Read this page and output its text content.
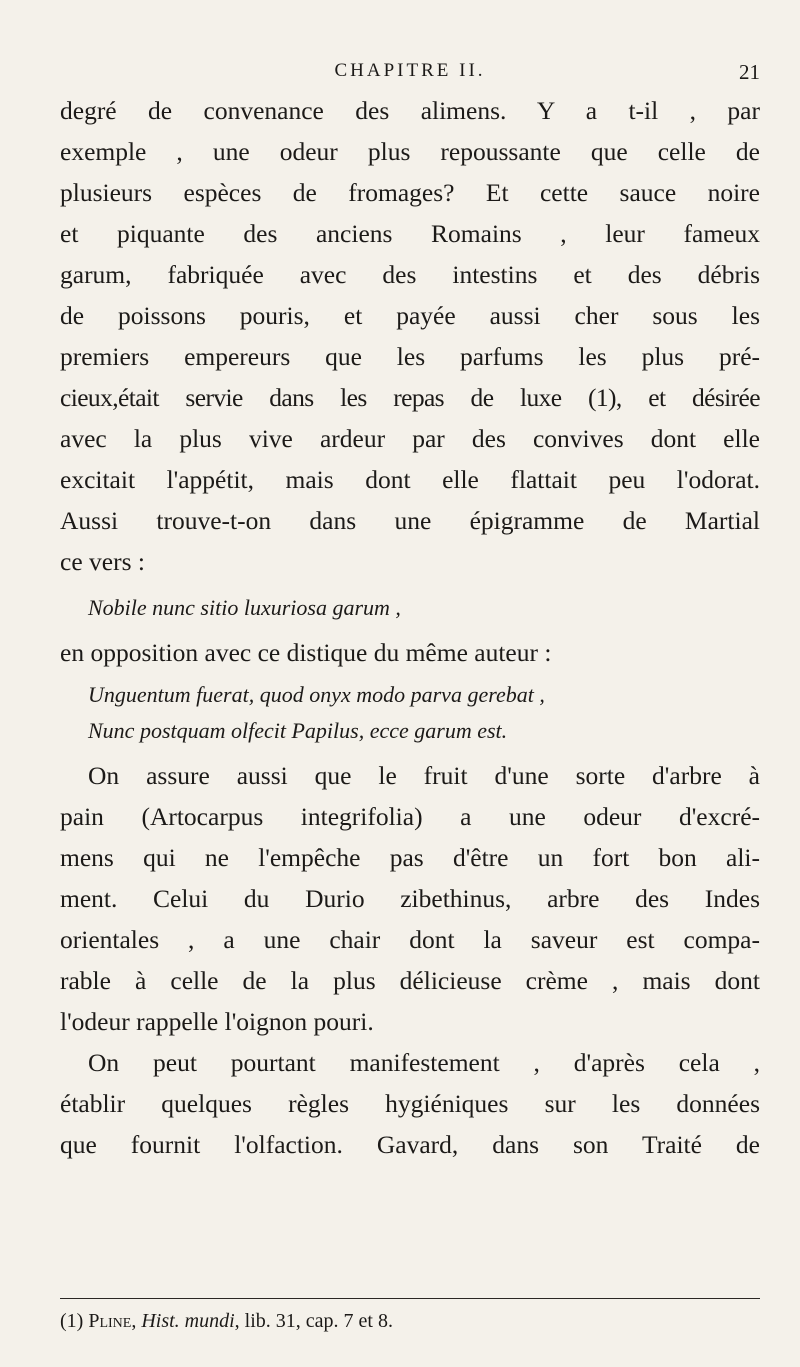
CHAPITRE II.	21
degré de convenance des alimens. Y a t-il , par
exemple , une odeur plus repoussante que celle de
plusieurs espèces de fromages? Et cette sauce noire
et piquante des anciens Romains , leur fameux
garum, fabriquée avec des intestins et des débris
de poissons pouris, et payée aussi cher sous les
premiers empereurs que les parfums les plus pré-
cieux,était servie dans les repas de luxe (1), et désirée
avec la plus vive ardeur par des convives dont elle
excitait l'appétit, mais dont elle flattait peu l'odorat.
Aussi trouve-t-on dans une épigramme de Martial
ce vers :
Nobile nunc sitio luxuriosa garum ,
en opposition avec ce distique du même auteur :
Unguentum fuerat, quod onyx modo parva gerebat ,
Nunc postquam olfecit Papilus, ecce garum est.
On assure aussi que le fruit d'une sorte d'arbre à
pain (Artocarpus integrifolia) a une odeur d'excré-
mens qui ne l'empêche pas d'être un fort bon ali-
ment. Celui du Durio zibethinus, arbre des Indes
orientales , a une chair dont la saveur est compa-
rable à celle de la plus délicieuse crème , mais dont
l'odeur rappelle l'oignon pouri.
On peut pourtant manifestement , d'après cela ,
établir quelques règles hygiéniques sur les données
que fournit l'olfaction. Gavard, dans son Traité de
(1) Pline, Hist. mundi, lib. 31, cap. 7 et 8.
